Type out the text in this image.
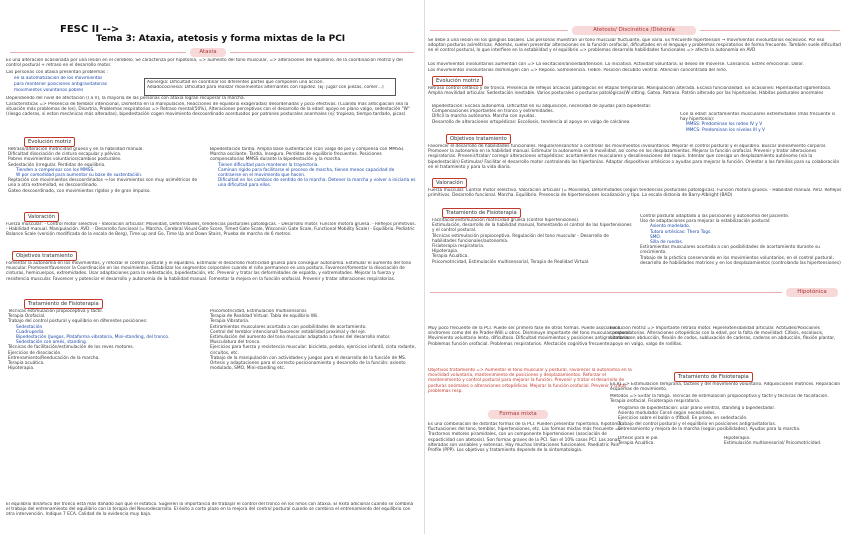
FESC II -->
Tema 3: Ataxia, atetosis y forma mixtas de la PCI
Ataxia
Es una alteración ocasionada por una lesión en el cerebelo. Se caracteriza por hipotonía, => aumento del tono muscular, => alteraciones del equilibrio, de la coordinación motriz y del control postural + retraso en el desarrollo motor.
Las personas con ataxia presentan problemas :
en la automatización de los movimientos
para mantener posiciones antigravitatorias
movimientos voluntarios pobres
Asinergia: Dificultad en coordinar los diferentes partes que componen una acción.
Adiadococinesia: Dificultad para realizar movimientos alternantes con rapidez. (Ej: jugar con piezas, comer…)
Dependiendo del nivel de afectación (I a V), la mayoría de las personas con ataxia logran recuperar la marcha.
Características => Presencia de temblor intencional, Dismetría en la manipulación, Reacciones de equilibrio exageradas/ desordenadas y poco efectivas. (Cuando más anticipación sea la situación más problemas de los), Disartria, Problemas respiratorios => Retraso mental(50%), Alteraciones perceptivas con el desarrollo de la edad: apoyo en plano valgo, sedestación "W" (riesgo caderas, si eston mecánicas más alteradas), bipedestación cogen movimiento descoordinado acentuados por patrones posturales anormales (ej: tropiezo, tiempo tardado, picas)
Evolución motriz
Retraso/alteración motricidad gruesa y en la habilidad manual.
Dificultad disociación de cintura escapular y pélvica.
Pobres movimientos voluntarios/cambios posturales.
Sedestación (irregular. Perdidas de equilibrio.
Tienden a compensar con los MMSS.
W por comodidad para aumentar su base de sustentación.
Reptación con movimientos descoordinados → los movimientos son muy asimétricos de una a otra extremidad, es descoordinado.
Gateo descoordinado, con movimientos rígidos y de gran impulso.
Bipedestación tardía. Amplía base sustentación (con valgo de pie y compensa con MMSS).
Marcha oscilante. Tardía. Insegura. Perdidas de equilibrio frecuentes. Posiciones compensatorias MMSS durante la bipedestación y la marcha.
Tienen dificultad para mantener la trayectoria.
Caminan rígido para facilitarse el proceso de marcha, tienen menos capacidad de contraerse en el movimiento que hacen.
Dificultad en los cambios de sentido de la marcha. Detener la marcha y volver a iniciarla es una dificultad para ellos.
Valoración
Fuerza muscular: - Control motor selectivo - Valoración articular: Movilidad, Deformidades, tendencias posturales patológicas. - Desarrollo motor. Función motora gruesa. - Reflejos primitivos. - Habilidad manual. Manipulación. AVD. - Desarrollo funcional (= Marcha, Cerebral Visual Gate Score, Timed Gate Scale, Wisconsin Gate Scale, Functional Mobility Scale) - Equilibrio. Pediatric Balance Scale (versión modificada de la escala de Berg), Time up and Go, Time Up and Down Stairs, Prueba de marcha de 6 metros.
Objetivos tratamiento
Fomentar la autonomía en los movimientos, y reforzar el control postural y el equilibrio. Estimular el desarrollo motricidad gruesa para conseguir autonomía. Estimular el aumento del tono muscular. Promover/favorecer la Coordinación en los movimientos. Estabilizar los segmentos corporales cuando el niño permanece en una postura. Favorecer/fomentar la disociación de cinturas, hemicuerpos, extremidades. Usar adaptaciones para la sedestación, bipedestación, etc. Prevenir y tratar las deformidades de espalda, y extremidades. Mejorar la fuerza y resistencia muscular. Favorecer y potenciar el desarrollo y autonomía de la habilidad manual. Fomentar la mejora en la función orofacial. Prevenir y tratar alteraciones respiratorias.
Tratamiento de Fisioterapia
Técnicas estimulación propioceptiva y táctil.
Terapia Orofacial.
Trabajo del control postural y equilibrio en diferentes posiciones:
Sedestación
Cuadrupedia
Bipedestación (Juegos, Plataforma vibratoria, Mini-standing, del tronco.
Sedestación con amés, standing.
Técnicas de facilitación/estimulación de los reves motores.
Ejercicios de disociación.
Entrenamiento/Reeducación de la marcha.
Terapia acuática.
Hipoterapia.
Psicomotricidad, Estimulación multisensorial.
Terapia de Realidad Virtual. Tabla de equilibrio Wii.
Terapia Vibratoria.
Estiramientos musculares acortada a con posibilidades de acortamiento.
Control del temblor intencional/ favorecer estabilidad proximal y del eje.
Estimulación del aumento del tono muscular adaptado a fases del desarrollo motor. Musculatura del tronco.
Ejercicios para fuerza y resistencia muscular: bicicleta, pedalo, ejercicios infantil, cinta rodante, circuitos, etc.
Trabajo de la manipulación con actividades y juegos para el desarrollo de la función de MS.
Ortesis y adaptaciones para el correcto posicionamiento y desarrollo de la función: asiento modulado, SMO, Mini-standing etc.
El equilibrio dinámico del tronco está más dañado aún que el estático. Sugieren la importancia de trabajar el control del tronco en los niños con ataxia. El éxito adicional cuando se combina el trabajo del entrenamiento del equilibrio con la terapia del Neurodesarrollo. El éxito a corto plazo en la mejora del control postural cuando se combina el entrenamiento del equilibrio con otra intervención. Indique 7 ECA. Calidad de la evidencia muy baja.
Atetosis/ Discinética /Distonía
Se debe a una lesión en los ganglios basales. Las personas muestran un tono muscular fluctuante, que varía. Es frecuente hipertensión → movimientos involuntarios excesivos. Por eso adoptan posturas asimétricas. Además, suelen presentar alteraciones en la función orofacial, dificultades en el lenguaje y problemas respiratorios de forma frecuente. También suele dificultad en el control postural, lo que interfiere en la estabilidad y el equilibrio => problemas desarrollo habilidades funcionales => afecta la autonomía en AVD
Los movimientos involuntarios aumentan con => La excitación/ansiedad/tensión. La iniciativa. Actividad voluntaria. El deseo de moverse. Cansancio. Estrés emocional. Dolor.
Los movimientos involuntarios disminuyen con => Reposo. Somnolencia. Fiebre. Posición decúbito ventral. Atención concentrada del niño.
Evolución motriz
Retraso control cefálico y de tronco. Presencia de reflejos arcaicos patológicos en etapas tempranas. Manipulación alterada. Escasa funcionalidad. En ocasiones: Hiperlaxitud ligamentosa. Amplía movilidad articular. Sedestación inestable. Varios posturales o posturas patológicas(W sitting. Gateo. Retraso. Patrón alterado por las hipertonías. Hábitos posturales anormales
Bipedestación: Escasa autonomía. Dificultad en su adquisición, necesidad de ayudas para bipedestar. Compensaciones importantes en tronco y extremidades.
Difícil la marcha autónoma. Marcha con ayudas.
Desarrollo de alteraciones ortopédicas: Escoliosis, tendencia al apoyo en valgo de calcáneo.
Con la edad: acortamientos musculares extremidades (más frecuente si hay hipertonía):
MMSS: Predominan los rodeo IV y V
MMCS: Predominan los niveles III y V
Objetivos tratamiento
Favorecer el desarrollo de habilidades funcionales. Regular/ensanchar a controlar los movimientos involuntarios. Mejorar el control postural y el equilibrio. Buscar alineamiento corporal. Promover la autonomía en la habilidad manual. Estimular la autonomía en la movilidad, así como en los desplazamientos. Mejorar la función orofacial. Prevenir y tratar alteraciones respiratorias. Prevenir/tratar/ corregir alteraciones ortopédicas: acortamientos musculares y desalineaciones del raquis. Intentar que consiga un desplazamiento autónomo (vía la bipedestación) Estimular/ Facilitar el desarrollo motor controlando las hipertonías. Adaptar dispositivos ortésicos o ayudas para mejorar la función. Orientar a las familias para su colaboración en el tratamiento y para la vida diaria.
Valoración
Fuerza muscular. Control motor selectivo. Valoración articular (= Movilidad, Deformidades (según tendencias posturales patológicas). Función motora gruesa. - Habilidad manual. AVD. Reflejos primitivos. Desarrollo funcional. Marcha. Equilibrio. Presencia de hipertensiones localización y tipo. La escala distonia de Barry-Albright (BAD)
Tratamiento de Fisioterapia
Facilitación/estimulación motricidad gruesa (control hipertensiones).
Estimulación, desarrollo de la habilidad manual, fomentando el control de las hipertensiones y el control postural.
Técnicas estimulación propioceptiva. Regulación del tono muscular - Desarrollo de habilidades funcionales/autonomía.
Fisioterapia respiratoria.
Hipoterapia.
Terapia Acuática.
Psicomotricidad, Estimulación multisensorial, Terapia de Realidad Virtual.
Control postural adaptado a las posiciones y autonomía del paciente.
Uso de adaptaciones para mejorar la estabilización postural:
Asiento modelado.
Tutora ortésicas: Thera Togs.
SMO.
Silla de ruedas.
Estiramientos musculares acortada a con posibilidades de acortamiento durante su crecimiento.
Trabajo de la práctica conservando en los movimientos voluntarios, en el control postural, desarrollo de habilidades motrices y en los desplazamientos (controlando las hipertensiones)
Hipotónica
Muy poco frecuente de la PCI. Puede ser primero fase de otros formas. Puede asociarse a síndromes como del de Prader-Willi u otros. Disminuye importante del tono muscular postural. Movimiento voluntario lento, dificultoso. Dificultad movimientos y posiciones antigravitatorias. Problemas función orofacial. Problemas respiratorios. Afectación cognitiva frecuente.
Objetivos tratamiento => Aumentar el tono muscular y postural. Favorecer la autonomía en la movilidad voluntaria, mantenimiento de posiciones y desplazamientos. Reforzar el mantenimiento y control postural para mejorar la función. Prevenir y tratar el desarrollo de posturas anómalas o alteraciones ortopédicas. Mejorar la función orofacial. Prevenir y tratar problemas resp.
Formas mixta
Es una combinación de distintas formas de la PCI. Pueden presentar hipertonía, hipotonía, fluctuaciones del tono, temblor, hipertensiones, etc. Las formas mixtas más frecuente => Trastornos motores piramidales, con un componente hipertensiones (asociación de espasticidad con atetosis). Son formas graves de la PCI. Son el 10% casos PCI. Las zonas alteradas son variables y extensas. Hay muchas limitaciones funcionales. Paediatric Pain Profile (PPP). Los objetivos y tratamiento depende de la sintomatología.
Evolución motriz => Importante retraso motor. Hiperextensibilidad articular. Actitudes/Posiciones compensatorias. Alteraciones ortopédicas con la edad, por la falta de movilidad: Cifosis, escoliosis, hombros en abducción, flexión de codos, subluxación de caderas, caderas en abducción, flexión plantar, apoyo en valgo, valgo de rodillas.
Tratamiento de Fisioterapia
En RI => Estimulación temprana, táctiles y del movimiento voluntario. Adquisiciones motrices. Reparación esquemas de movimiento.
Métodos => Evitar la fatiga. Técnicas de estimulación propioceptiva y táctil y técnicas de facilitación. Terapia orofacial. Fisioterapia respiratoria.
Programa de bipedestación: usar plano ventral, standing o bipedestador.
Asiento modulado/ Corsé según necesidades.
Ejercicios sobre el balón o (fitball. En prono, en sedestación.
Trabajo del control postural y el equilibrio en posiciones antigravitatorias.
Entrenamiento y mejora de la marcha (según posibilidades). Ayudas para la marcha.
Ortesis para el pie.
Terapia Acuática.
Hipoterapia.
Estimulación multisensorial/ Psicomotricidad.
